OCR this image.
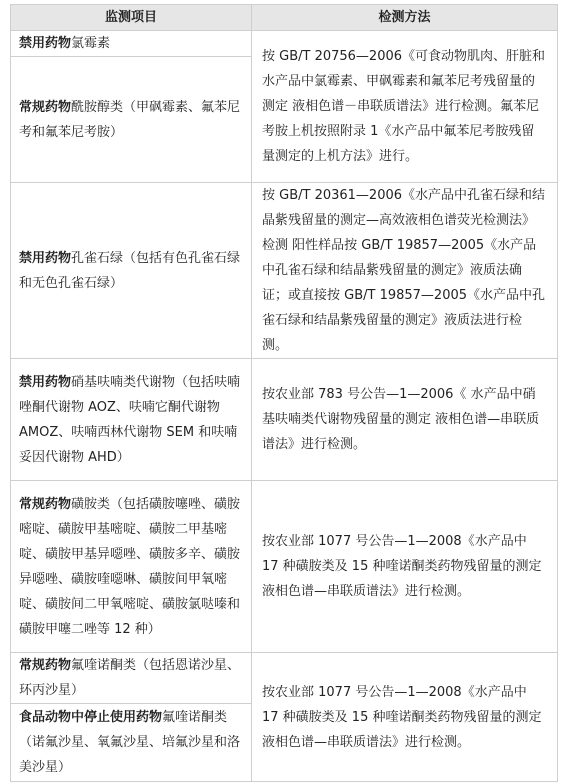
监测项目	检测方法
禁用药物氯霉素	按 GB/T 20756—2006《可食动物肌肉、肝脏和水产品中氯霉素、甲砜霉素和氟苯尼考残留量的测定 液相色谱－串联质谱法》进行检测。氟苯尼考胺上机按照附录 1《水产品中氟苯尼考胺残留量测定的上机方法》进行。
常规药物酰胺醇类（甲砜霉素、氟苯尼考和氟苯尼考胺）	
禁用药物孔雀石绿（包括有色孔雀石绿和无色孔雀石绿）	按 GB/T 20361—2006《水产品中孔雀石绿和结晶紫残留量的测定—高效液相色谱荧光检测法》检测 阳性样品按 GB/T 19857—2005《水产品中孔雀石绿和结晶紫残留量的测定》液质法确证；或直接按 GB/T 19857—2005《水产品中孔雀石绿和结晶紫残留量的测定》液质法进行检测。
禁用药物硝基呋喃类代谢物（包括呋喃唑酮代谢物 AOZ、呋喃它酮代谢物 AMOZ、呋喃西林代谢物 SEM 和呋喃妥因代谢物 AHD）	按农业部 783 号公告—1—2006《 水产品中硝基呋喃类代谢物残留量的测定 液相色谱—串联质谱法》进行检测。
常规药物磺胺类（包括磺胺噻唑、磺胺嘧啶、磺胺甲基嘧啶、磺胺二甲基嘧啶、磺胺甲基异噁唑、磺胺多辛、磺胺异噁唑、磺胺喹噁啉、磺胺间甲氧嘧啶、磺胺间二甲氧嘧啶、磺胺氯哒嗪和磺胺甲噻二唑等 12 种）	按农业部 1077 号公告—1—2008《水产品中 17 种磺胺类及 15 种喹诺酮类药物残留量的测定 液相色谱—串联质谱法》进行检测。
常规药物氟喹诺酮类（包括恩诺沙星、环丙沙星）	按农业部 1077 号公告—1—2008《水产品中 17 种磺胺类及 15 种喹诺酮类药物残留量的测定 液相色谱—串联质谱法》进行检测。
食品动物中停止使用药物氟喹诺酮类（诺氟沙星、氧氟沙星、培氟沙星和洛美沙星）	
